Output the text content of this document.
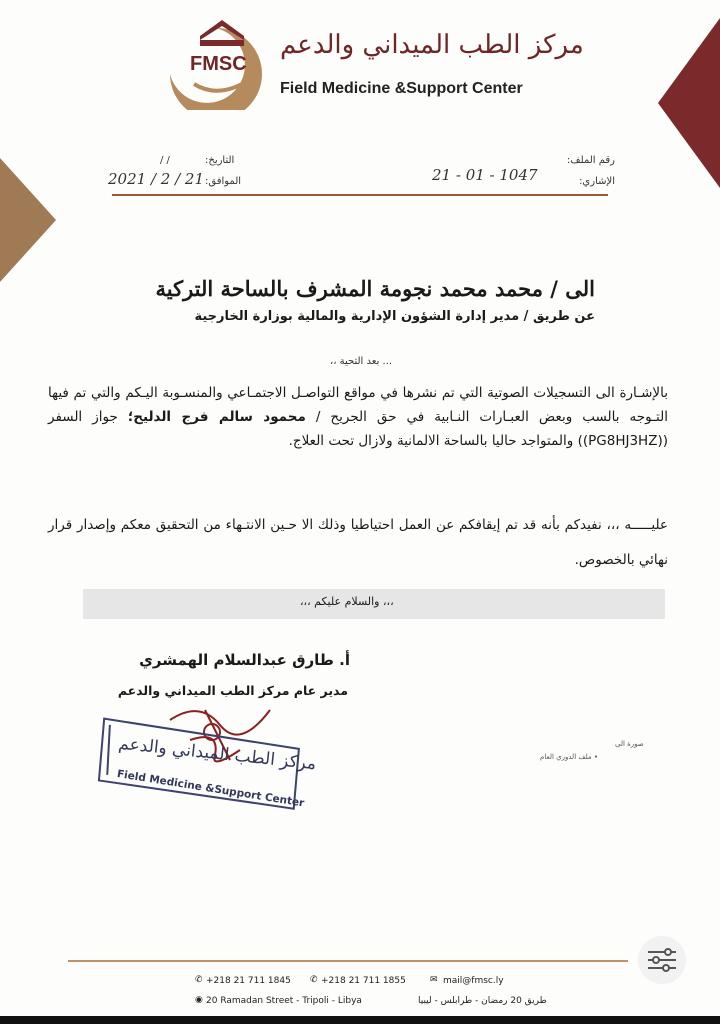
FMSC
مركز الطب الميداني والدعم
Field Medicine &Support Center
رقم الملف:
الإشاري:
21 - 01 - 1047
التاريخ:
/ /
الموافق:
2021 / 2 / 21
الى / محمد محمد نجومة المشرف بالساحة التركية
عن طريق / مدير إدارة الشؤون الإدارية والمالية بوزارة الخارجية
... بعد التحية ،،
بالإشـارة الى التسجيلات الصوتية التي تم نشرها في مواقع التواصـل الاجتمـاعي والمنسـوبة اليـكم والتي تم فيها التـوجه بالسب وبعض العبـارات النـابية في حق الجريح / محمود سالم فرج الدليح؛ جواز السفر ((PG8HJ3HZ)) والمتواجد حاليا بالساحة الالمانية ولازال تحت العلاج.
عليـــــه ،،، نفيدكم بأنه قد تم إيقافكم عن العمل احتياطيا وذلك الا حـين الانتـهاء من التحقيق معكم وإصدار قرار نهائي بالخصوص.
،،، والسلام عليكم ،،،
أ. طارق عبدالسلام الهمشري
مدير عام مركز الطب الميداني والدعم
مركز الطب الميداني والدعم
Field Medicine &Support Center
صورة الى
• ملف الدوري العام
✆ +218 21 711 1845 ✆ +218 21 711 1855	✉ mail@fmsc.ly
◉ 20 Ramadan Street - Tripoli - Libya	طريق 20 رمضان - طرابلس - ليبيا
